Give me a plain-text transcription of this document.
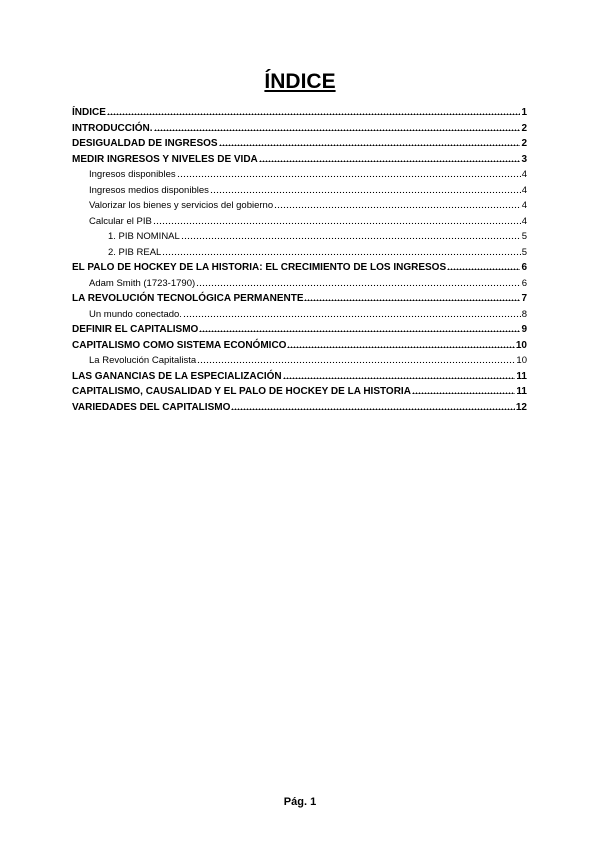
ÍNDICE
ÍNDICE	1
INTRODUCCIÓN.	2
DESIGUALDAD DE INGRESOS	2
MEDIR INGRESOS Y NIVELES DE VIDA	3
Ingresos disponibles	4
Ingresos medios disponibles	4
Valorizar los bienes y servicios del gobierno	4
Calcular el PIB	4
1. PIB NOMINAL	5
2. PIB REAL	5
EL PALO DE HOCKEY DE LA HISTORIA: EL CRECIMIENTO DE LOS INGRESOS	6
Adam Smith (1723-1790)	6
LA REVOLUCIÓN TECNOLÓGICA PERMANENTE	7
Un mundo conectado.	8
DEFINIR EL CAPITALISMO	9
CAPITALISMO COMO SISTEMA ECONÓMICO	10
La Revolución Capitalista	10
LAS GANANCIAS DE LA ESPECIALIZACIÓN	11
CAPITALISMO, CAUSALIDAD Y EL PALO DE HOCKEY DE LA HISTORIA	11
VARIEDADES DEL CAPITALISMO	12
Pág. 1
